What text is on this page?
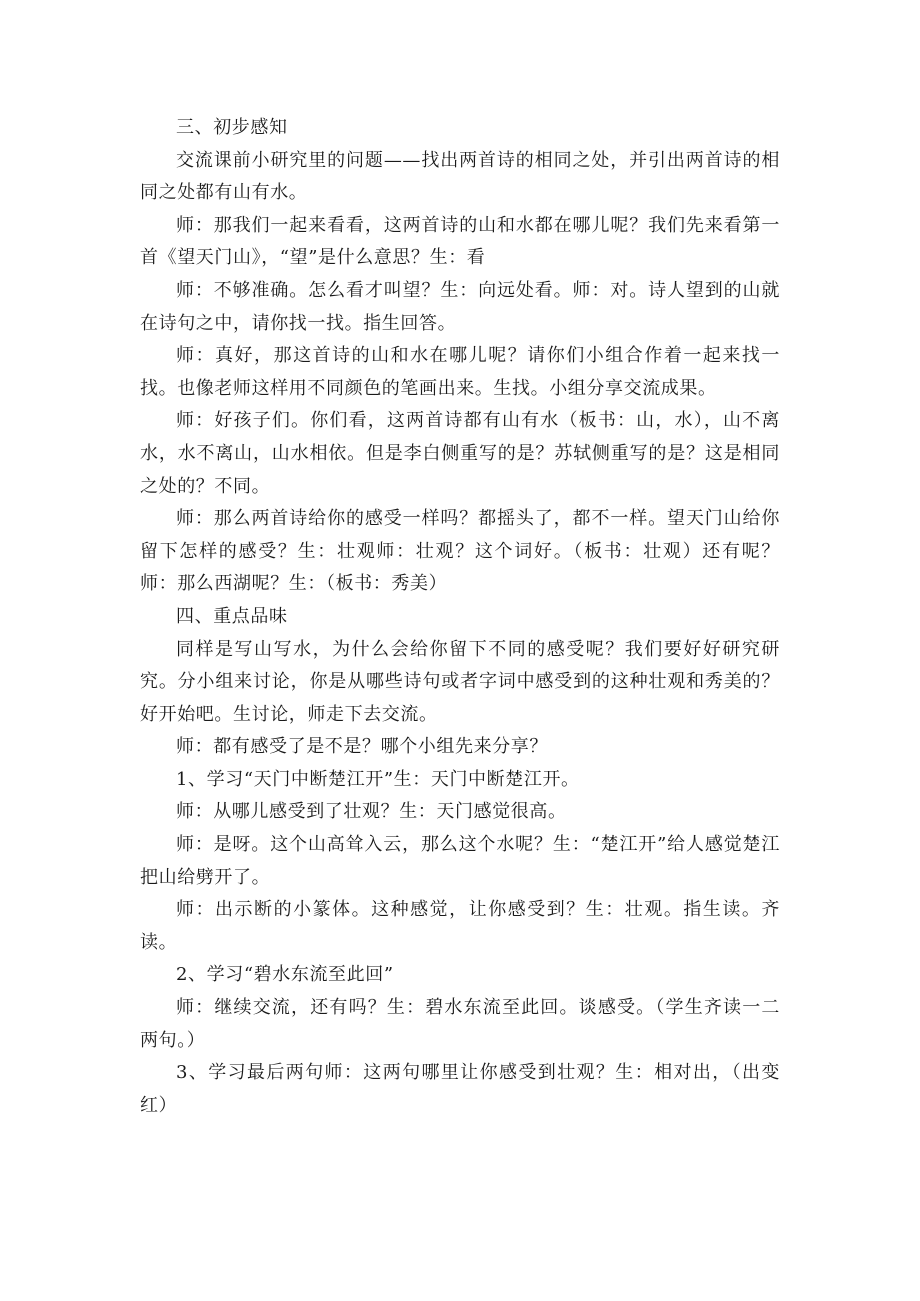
三、初步感知

交流课前小研究里的问题——找出两首诗的相同之处，并引出两首诗的相同之处都有山有水。

师：那我们一起来看看，这两首诗的山和水都在哪儿呢？我们先来看第一首《望天门山》，“望”是什么意思？生：看

师：不够准确。怎么看才叫望？生：向远处看。师：对。诗人望到的山就在诗句之中，请你找一找。指生回答。

师：真好，那这首诗的山和水在哪儿呢？请你们小组合作着一起来找一找。也像老师这样用不同颜色的笔画出来。生找。小组分享交流成果。

师：好孩子们。你们看，这两首诗都有山有水（板书：山，水），山不离水，水不离山，山水相依。但是李白侧重写的是？苏轼侧重写的是？这是相同之处的？不同。

师：那么两首诗给你的感受一样吗？都摇头了，都不一样。望天门山给你留下怎样的感受？生：壮观师：壮观？这个词好。（板书：壮观）还有呢？师：那么西湖呢？生：（板书：秀美）

四、重点品味

同样是写山写水，为什么会给你留下不同的感受呢？我们要好好研究研究。分小组来讨论，你是从哪些诗句或者字词中感受到的这种壮观和秀美的？好开始吧。生讨论，师走下去交流。

师：都有感受了是不是？哪个小组先来分享？

1、学习“天门中断楚江开”生：天门中断楚江开。

师：从哪儿感受到了壮观？生：天门感觉很高。

师：是呀。这个山高耸入云，那么这个水呢？生：“楚江开”给人感觉楚江把山给劈开了。

师：出示断的小篆体。这种感觉，让你感受到？生：壮观。指生读。齐读。

2、学习“碧水东流至此回”

师：继续交流，还有吗？生：碧水东流至此回。谈感受。（学生齐读一二两句。）

3、学习最后两句师：这两句哪里让你感受到壮观？生：相对出，（出变红）
